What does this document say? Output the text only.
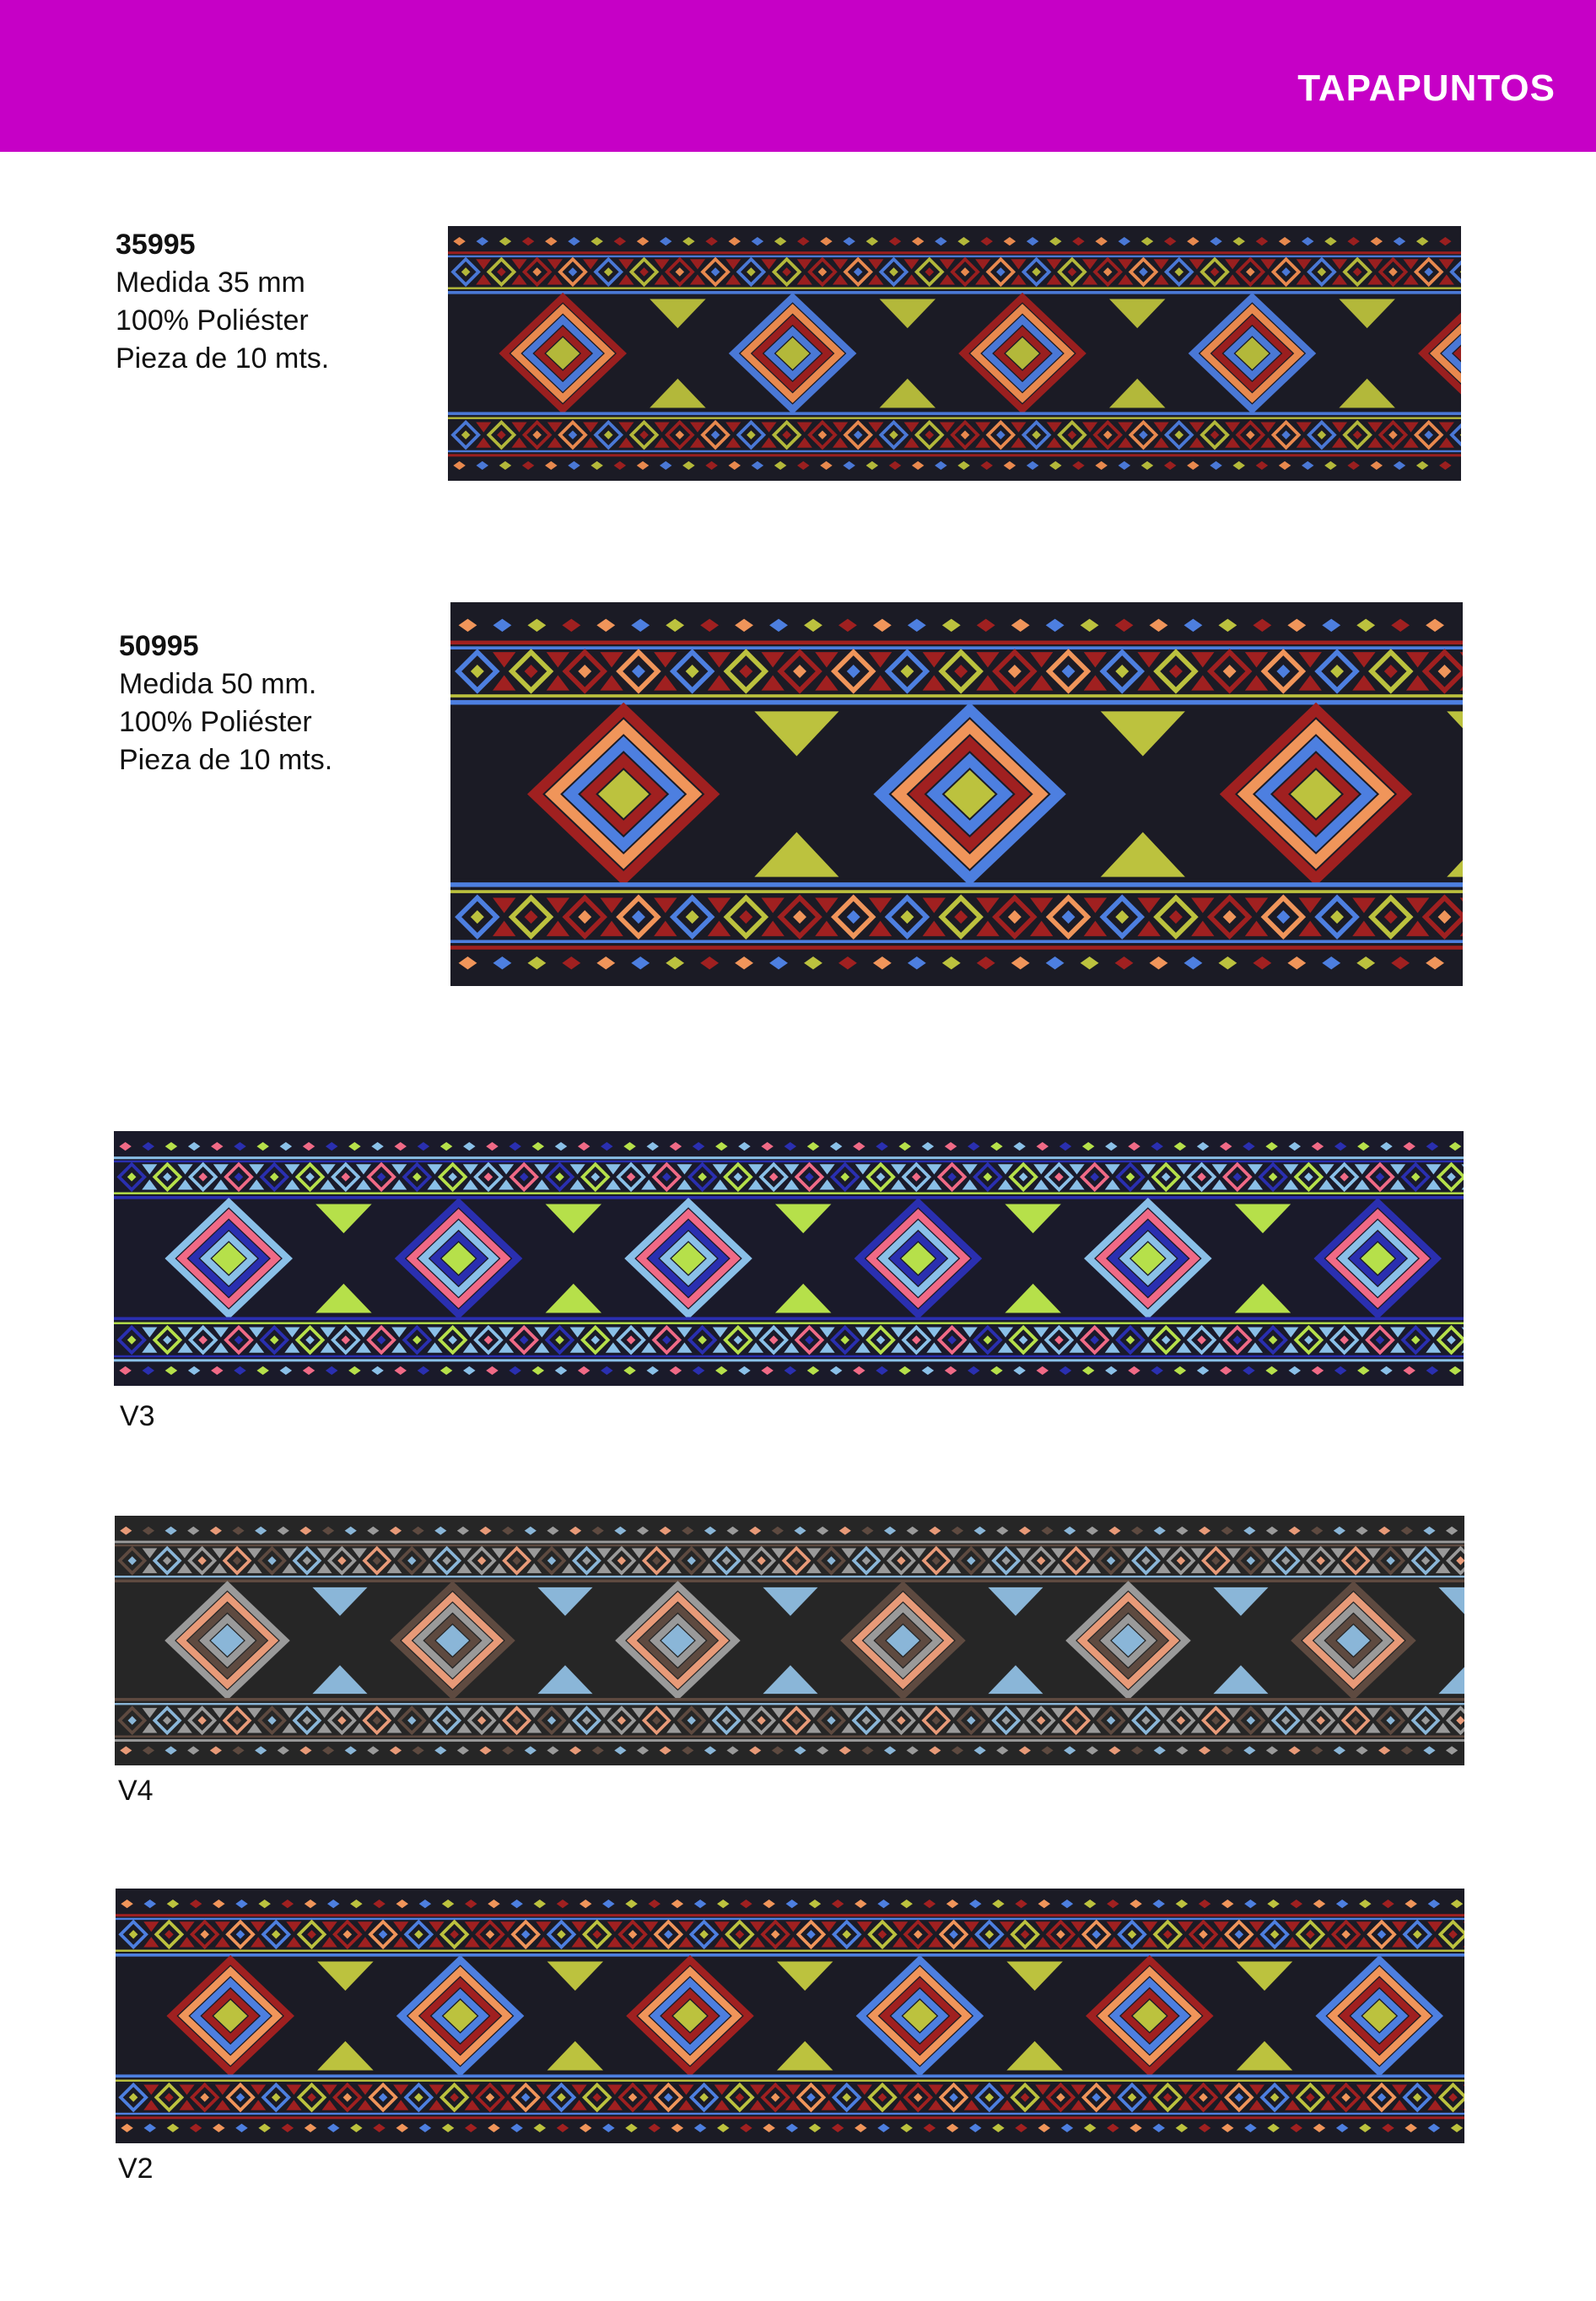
TAPAPUNTOS
35995
Medida 35 mm
100% Poliéster
Pieza de 10 mts.
50995
Medida 50 mm.
100% Poliéster
Pieza de 10 mts.
V3
V4
V2
